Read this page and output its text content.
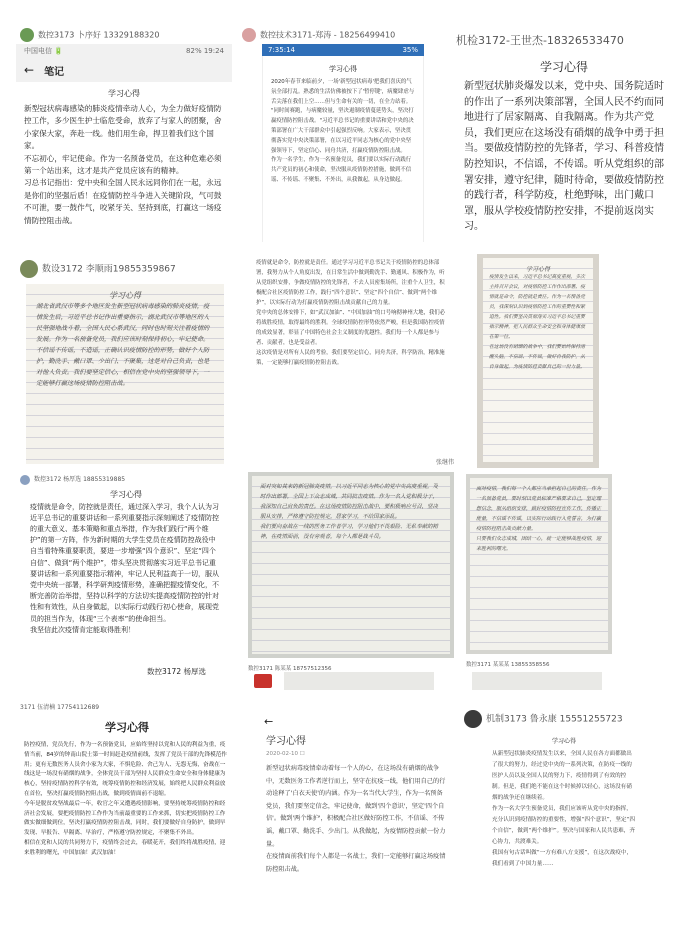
数控3173 卜序好 13329188320
中国电信 🔋	82% 19:24
← 笔记
学习心得
新型冠状病毒感染的肺炎疫情牵动人心，为全力做好疫情防控工作，多少医生护士临危受命，放弃了与家人的团聚，舍小家保大家，奔赴一线。他们用生命，捍卫着我们这个国家。
不忘初心，牢记使命。作为一名预备党员，在这种危难必须第一个站出来，这才是共产党员应该有的精神。
习总书记指出：党中央和全国人民永远同你们在一起，永远是你们的坚强后盾！在疫情防控斗争进入关键阶段，气可鼓不可泄，要一鼓作气，咬紧牙关、坚持到底，打赢这一场疫情防控阻击战。
数控技术3171-郑涛 - 18256499410
7:35:14	35%
学习心得
2020年春节来临前夕，一场'新型冠状病毒'把我们喜庆的气氛全部打乱。熟悉的生活仿佛被按下了'暂停键'，病魔肆虐与舌尖落在我们上空……但与生命有关的一切，在全力站着。
"同时间赛跑，与病魔较量，坚决遏制疫情蔓延势头，坚决打赢疫情防控阻击战。"习近平总书记的重要讲话和党中央的决策部署在广大干部群众中引起强烈反响。大家表示，坚决贯彻落实党中央决策部署，在以习近平同志为核心的党中央坚强领导下，坚定信心、同舟共济，打赢疫情防控阻击战。
作为一名学生，作为一名预备党员，我们要以实际行动践行共产党员的初心和使命，坚决服从疫情防控措施，做到不信谣、不传谣、不聚集、不外出，从我做起，从身边做起。
机检3172-王世杰-18326533470
学习心得
新型冠状肺炎爆发以来，党中央、国务院适时的作出了一系列决策部署，全国人民不约而同地进行了居家隔离、自我隔离。作为共产党员，我们更应在这场没有硝烟的战争中勇于担当。要做疫情防控的先锋者，学习、科普疫情防控知识，不信谣，不传谣。听从党组织的部署安排，遵守纪律，随时待命，要做疫情防控的践行者，科学防疫，杜绝野味，出门戴口罩，服从学校疫情防控安排，不提前返岗实习。
数设3172 李顺雨19855359867
学习心得
湖北省武汉市等多个地区发生新型冠状病毒感染的肺炎疫情，疫情发生后，习近平总书记作出重要指示，湖北武汉市等地区的人民坚强地战斗着，全国人民心系武汉，同时也时刻关注着疫情的发展。作为一名预备党员，我们应该时刻保持初心，牢记使命。
不信谣不传谣，不造谣，正确认识疫情防控的形势，做好个人防护，勤洗手、戴口罩、少出门、不聚集，这是对自己负责，也是对他人负责。我们要坚定信心，相信在党中央的坚强领导下，一定能够打赢这场疫情防控阻击战。
疫情就是命令，防控就是责任。通过学习习近平总书记关于疫情防控的总体部署，我努力从个人角度出发，在日常生活中做到勤洗手、勤通风、积极作为，听从党组织安排，争做疫情防控的先锋者，不去人员密集场所，注重个人卫生，积极配合社区疫情防控工作，践行“四个意识”、坚定“四个自信”、做到“两个维护”，以实际行动为打赢疫情防控阻击战贡献自己的力量。
党中央的总体安排下，如“武汉加油”、“中国加油”的口号响彻神州大地，我们必将战胜疫情，取得最终的胜利。全球疫情防控形势依然严峻，但是我国防控疫情的成效显著，彰显了中国特色社会主义制度的优越性。我们每一个人都是参与者、贡献者，也是受益者。
这次疫情是对所有人民的考验，我们要坚定信心，同舟共济，科学防治，精准施策，一定能够打赢疫情防控阻击战。
张继伟
学习心得
疫情发生以来，习近平总书记高度重视，多次主持召开会议，对疫情防控工作作出部署。疫情就是命令，防控就是责任。作为一名预备党员，我深刻认识到疫情防控工作的重要性和紧迫性。我们要坚决贯彻落实习近平总书记重要指示精神，把人民群众生命安全和身体健康放在第一位。
在这场没有硝烟的战争中，我们要始终保持清醒头脑，不信谣、不传谣，做好自我防护，从自身做起，为疫情防控贡献自己的一份力量。
数控3172 杨厚选 18855319885
学习心得
疫情就是命令，防控就是责任，通过深入学习，我个人认为习近平总书记的重要讲话和一系列重要指示深刻阐述了疫情防控的重大意义、基本策略和重点举措，作为我们践行“两个维护”的第一方阵，作为新时期的大学生党员在疫情防控战役中自当看特殊重要职责，要进一步增强“四个意识”、坚定“四个自信”、做到“两个维护”，带头坚决贯彻落实习近平总书记重要讲话和一系列重要指示精神，牢记人民利益高于一切，服从党中央统一部署，科学研判疫情形势，准确把握疫情变化，不断完善防治举措，坚持以科学的方法切实提高疫情防控的针对性和有效性，从自身做起，以实际行动践行初心使命，展现党员的担当作为，体现“三个表率”的使命担当。
我坚信此次疫情肯定能取得胜利！
数控3172 杨厚选
面对突如其来的新冠肺炎疫情，以习近平同志为核心的党中央高度重视，及时作出部署，全国上下众志成城，共同抗击疫情。作为一名入党积极分子，我深知自己肩负的责任。在这场疫情防控阻击战中，要积极响应号召，坚决服从安排，严格遵守防控规定，居家学习，不给国家添乱。
我们要向奋战在一线的医务工作者学习，学习他们不畏艰险、无私奉献的精神，在疫情面前，没有旁观者，每个人都是战斗员。
面对疫情，我们每一个人都应当承担起自己的责任。作为一名预备党员，要时刻以党员标准严格要求自己，坚定理想信念，服从组织安排，做好疫情防控宣传工作，传播正能量，不信谣不传谣，以实际行动践行入党誓言，为打赢疫情防控阻击战贡献力量。
只要我们众志成城，团结一心，就一定能够战胜疫情，迎来胜利的曙光。
数控3171 陈某某 18757512356
数控3171 某某某 13855358556
3171 伍清楠 17754112689
学习心得
防控疫情，党员先行，作为一名预备党员，应始终坚持以党和人民的利益为重，疫情当前，84岁的钟南山院士第一时间赶赴疫情前线，发挥了党员干部的先锋模范作用；更有无数医务人员舍小家为大家，不惧危险、舍己为人、无怨无悔，奋战在一线这是一场没有硝烟的战争，全体党员干部为坚持人民群众生命安全和身体健康为核心，坚持疫情防控科学有效，统筹疫情防控和经济发展，始终把人民群众利益放在首位，坚决打赢疫情防控阻击战，做到疫情面前不退缩。
今年是脱贫攻坚战最后一年，收官之年又遭遇疫情影响，要坚持统筹疫情防控和经济社会发展，要把疫情防控工作作为当前最重要的工作来抓，切实把疫情防控工作做实做细做到位，坚决打赢疫情防控阻击战，同时，我们要做好自身防护，做到早发现、早报告、早隔离、早治疗，严格遵守防控规定，不聚集不外出。
相信在党和人民的共同努力下，疫情终会过去，春暖花开，我们终将战胜疫情，迎来胜利的曙光，中国加油！武汉加油！
←
学习心得
2020-02-10 ☐
新型冠状病毒疫情牵动着每一个人的心，在这场没有硝烟的战争中，无数医务工作者逆行而上，坚守在抗疫一线，他们用自己的行动诠释了'白衣天使'的内涵。作为一名当代大学生，作为一名预备党员，我们要坚定信念，牢记使命，做到'四个意识'，坚定'四个自信'。做到'两个维护'，积极配合社区做好防控工作，不信谣、不传谣，戴口罩、勤洗手、少出门。从我做起，为疫情防控贡献一份力量。
在疫情面前我们每个人都是一名战士，我们一定能够打赢这场疫情防控阻击战。
机制3173 鲁永康 15551255723
学习心得
从新型冠状肺炎疫情发生以来，全国人民在各方面都做出了很大的努力，经过党中央的一系列决策，在防疫一线的医护人员以及全国人民的努力下，疫情得到了有效的控制。但是，我们绝不能在这个时候掉以轻心，这场没有硝烟的战争还在继续着。
作为一名大学生预备党员，我们应该听从党中央的指挥，充分认识到疫情防控的重要性，增强“四个意识”，坚定“四个自信”，做到“两个维护”。坚决与国家和人民共患难，齐心协力，共渡难关。
我国有句古话叫做“一方有难八方支援”，在这次战疫中，我们看到了中国力量……
